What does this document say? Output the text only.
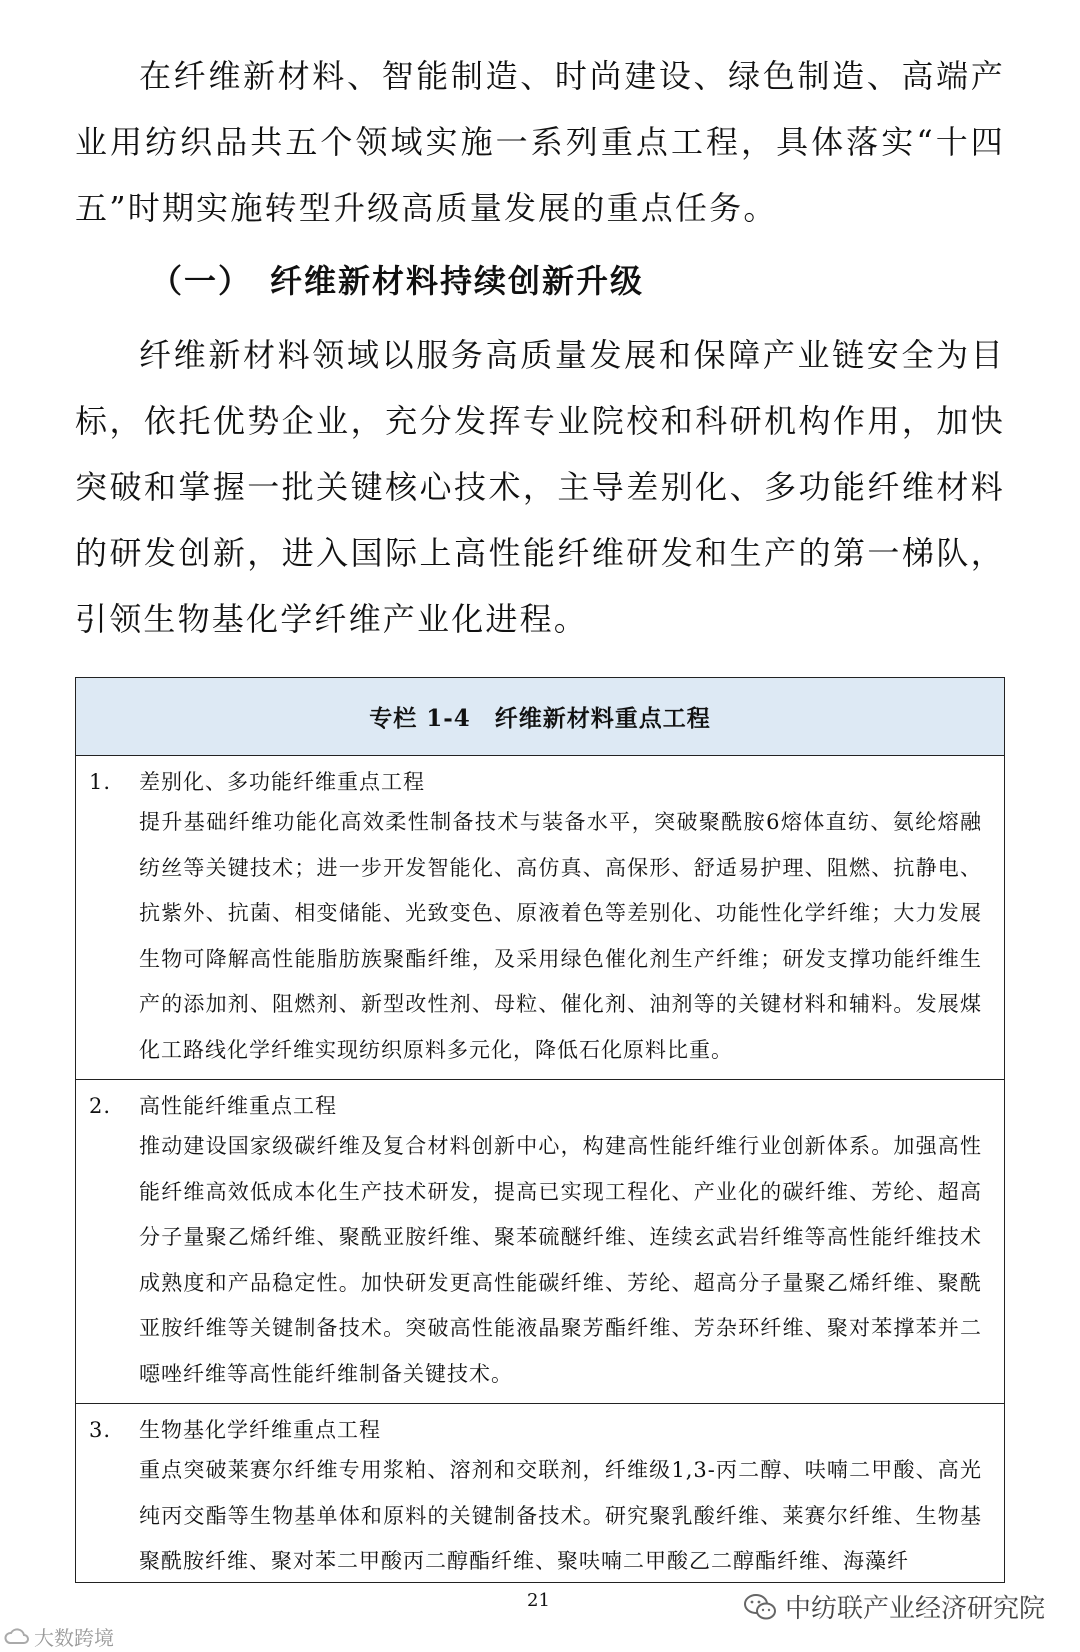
在纤维新材料、智能制造、时尚建设、绿色制造、高端产业用纺织品共五个领域实施一系列重点工程，具体落实“十四五”时期实施转型升级高质量发展的重点任务。

（一）　纤维新材料持续创新升级

纤维新材料领域以服务高质量发展和保障产业链安全为目标，依托优势企业，充分发挥专业院校和科研机构作用，加快突破和掌握一批关键核心技术，主导差别化、多功能纤维材料的研发创新，进入国际上高性能纤维研发和生产的第一梯队，引领生物基化学纤维产业化进程。

专栏 1-4　纤维新材料重点工程
1. 差别化、多功能纤维重点工程

提升基础纤维功能化高效柔性制备技术与装备水平，突破聚酰胺6熔体直纺、氨纶熔融纺丝等关键技术；进一步开发智能化、高仿真、高保形、舒适易护理、阻燃、抗静电、抗紫外、抗菌、相变储能、光致变色、原液着色等差别化、功能性化学纤维；大力发展生物可降解高性能脂肪族聚酯纤维，及采用绿色催化剂生产纤维；研发支撑功能纤维生产的添加剂、阻燃剂、新型改性剂、母粒、催化剂、油剂等的关键材料和辅料。发展煤化工路线化学纤维实现纺织原料多元化，降低石化原料比重。

2. 高性能纤维重点工程

推动建设国家级碳纤维及复合材料创新中心，构建高性能纤维行业创新体系。加强高性能纤维高效低成本化生产技术研发，提高已实现工程化、产业化的碳纤维、芳纶、超高分子量聚乙烯纤维、聚酰亚胺纤维、聚苯硫醚纤维、连续玄武岩纤维等高性能纤维技术成熟度和产品稳定性。加快研发更高性能碳纤维、芳纶、超高分子量聚乙烯纤维、聚酰亚胺纤维等关键制备技术。突破高性能液晶聚芳酯纤维、芳杂环纤维、聚对苯撑苯并二噁唑纤维等高性能纤维制备关键技术。

3. 生物基化学纤维重点工程

重点突破莱赛尔纤维专用浆粕、溶剂和交联剂，纤维级1,3-丙二醇、呋喃二甲酸、高光纯丙交酯等生物基单体和原料的关键制备技术。研究聚乳酸纤维、莱赛尔纤维、生物基聚酰胺纤维、聚对苯二甲酸丙二醇酯纤维、聚呋喃二甲酸乙二醇酯纤维、海藻纤

21	中纺联产业经济研究院
大数跨境
